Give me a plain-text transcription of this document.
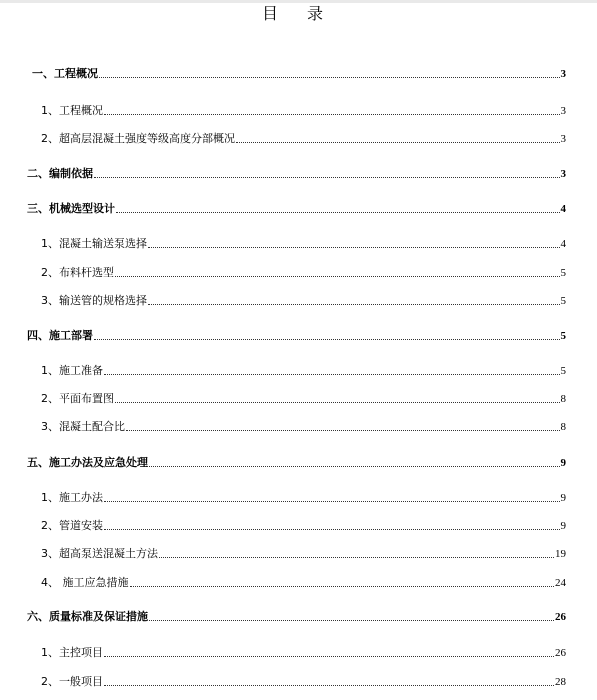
目 录
一、工程概况	3
1、工程概况	3
2、超高层混凝土强度等级高度分部概况	3
二、编制依据	3
三、机械选型设计	4
1、混凝土输送泵选择	4
2、布料杆选型	5
3、输送管的规格选择	5
四、施工部署	5
1、施工准备	5
2、平面布置图	8
3、混凝土配合比	8
五、施工办法及应急处理	9
1、施工办法	9
2、管道安装	9
3、超高泵送混凝土方法	19
4、 施工应急措施	24
六、质量标准及保证措施	26
1、主控项目	26
2、一般项目	28
